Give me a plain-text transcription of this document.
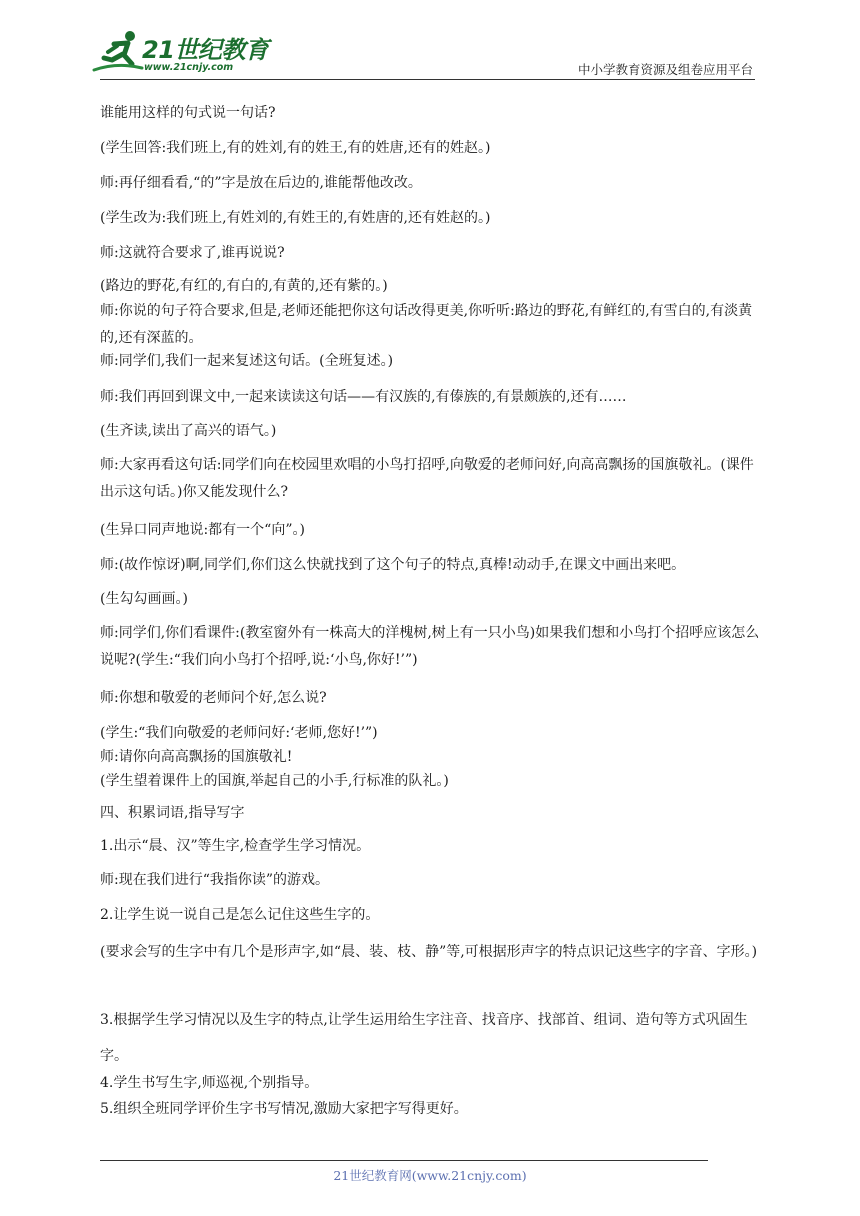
21世纪教育
www.21cnjy.com	中小学教育资源及组卷应用平台
谁能用这样的句式说一句话?
(学生回答:我们班上,有的姓刘,有的姓王,有的姓唐,还有的姓赵。)
师:再仔细看看,“的”字是放在后边的,谁能帮他改改。
(学生改为:我们班上,有姓刘的,有姓王的,有姓唐的,还有姓赵的。)
师:这就符合要求了,谁再说说?
(路边的野花,有红的,有白的,有黄的,还有紫的。)
师:你说的句子符合要求,但是,老师还能把你这句话改得更美,你听听:路边的野花,有鲜红的,有雪白的,有淡黄的,还有深蓝的。
师:同学们,我们一起来复述这句话。(全班复述。)
师:我们再回到课文中,一起来读读这句话——有汉族的,有傣族的,有景颇族的,还有……
(生齐读,读出了高兴的语气。)
师:大家再看这句话:同学们向在校园里欢唱的小鸟打招呼,向敬爱的老师问好,向高高飘扬的国旗敬礼。(课件出示这句话。)你又能发现什么?
(生异口同声地说:都有一个“向”。)
师:(故作惊讶)啊,同学们,你们这么快就找到了这个句子的特点,真棒!动动手,在课文中画出来吧。
(生勾勾画画。)
师:同学们,你们看课件:(教室窗外有一株高大的洋槐树,树上有一只小鸟)如果我们想和小鸟打个招呼应该怎么说呢?(学生:“我们向小鸟打个招呼,说:‘小鸟,你好!’”)
师:你想和敬爱的老师问个好,怎么说?
(学生:“我们向敬爱的老师问好:‘老师,您好!’”)
师:请你向高高飘扬的国旗敬礼!
(学生望着课件上的国旗,举起自己的小手,行标准的队礼。)
四、积累词语,指导写字
1.出示“晨、汉”等生字,检查学生学习情况。
师:现在我们进行“我指你读”的游戏。
2.让学生说一说自己是怎么记住这些生字的。
(要求会写的生字中有几个是形声字,如“晨、装、枝、静”等,可根据形声字的特点识记这些字的字音、字形。)
3.根据学生学习情况以及生字的特点,让学生运用给生字注音、找音序、找部首、组词、造句等方式巩固生字。
4.学生书写生字,师巡视,个别指导。
5.组织全班同学评价生字书写情况,激励大家把字写得更好。
21世纪教育网(www.21cnjy.com)
